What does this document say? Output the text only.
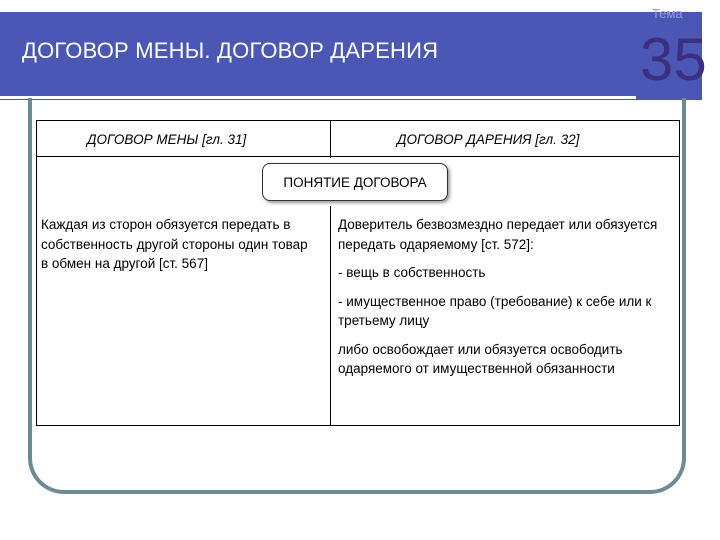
ДОГОВОР МЕНЫ. ДОГОВОР ДАРЕНИЯ
Тема
35
ДОГОВОР МЕНЫ [гл. 31]	ДОГОВОР ДАРЕНИЯ [гл. 32]
ПОНЯТИЕ ДОГОВОРА
Каждая из сторон обязуется передать в собственность другой стороны один товар в обмен на другой [ст. 567]

Доверитель безвозмездно передает или обязуется передать одаряемому [ст. 572]:

- вещь в собственность

- имущественное право (требование) к себе или к третьему лицу

либо освобождает или обязуется освободить одаряемого от имущественной обязанности
